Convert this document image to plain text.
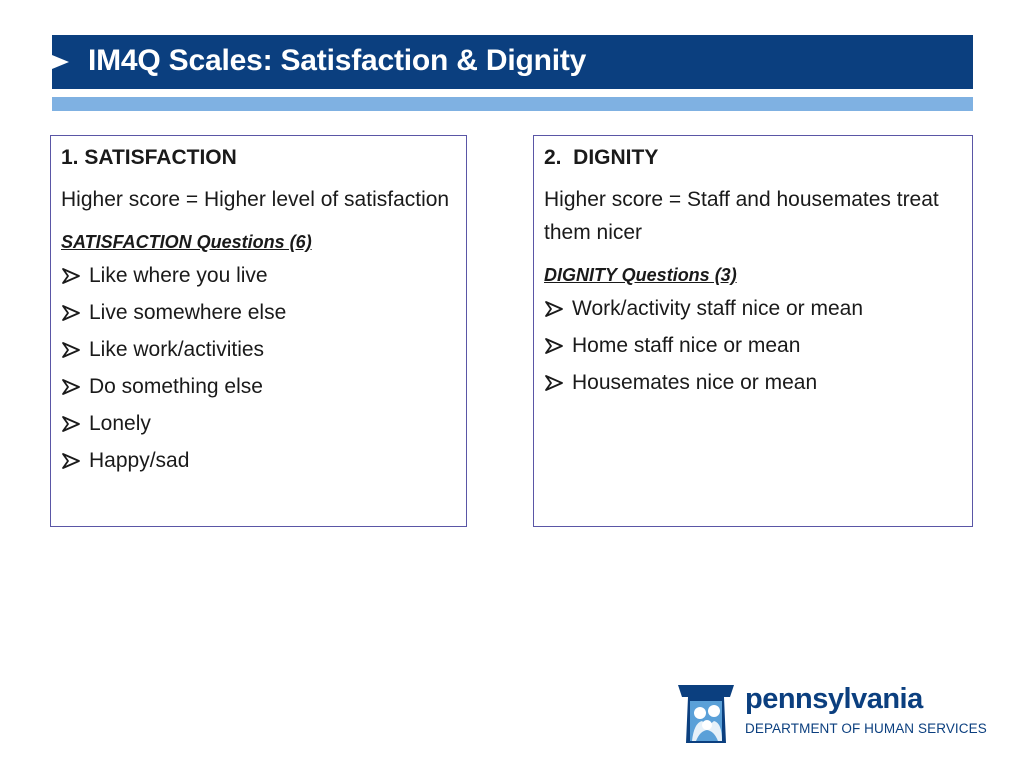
IM4Q Scales: Satisfaction & Dignity
1. SATISFACTION
Higher score = Higher level of satisfaction
SATISFACTION Questions (6)
Like where you live
Live somewhere else
Like work/activities
Do something else
Lonely
Happy/sad
2.  DIGNITY
Higher score = Staff and housemates treat them nicer
DIGNITY Questions (3)
Work/activity staff nice or mean
Home staff nice or mean
Housemates nice or mean
pennsylvania
DEPARTMENT OF HUMAN SERVICES
